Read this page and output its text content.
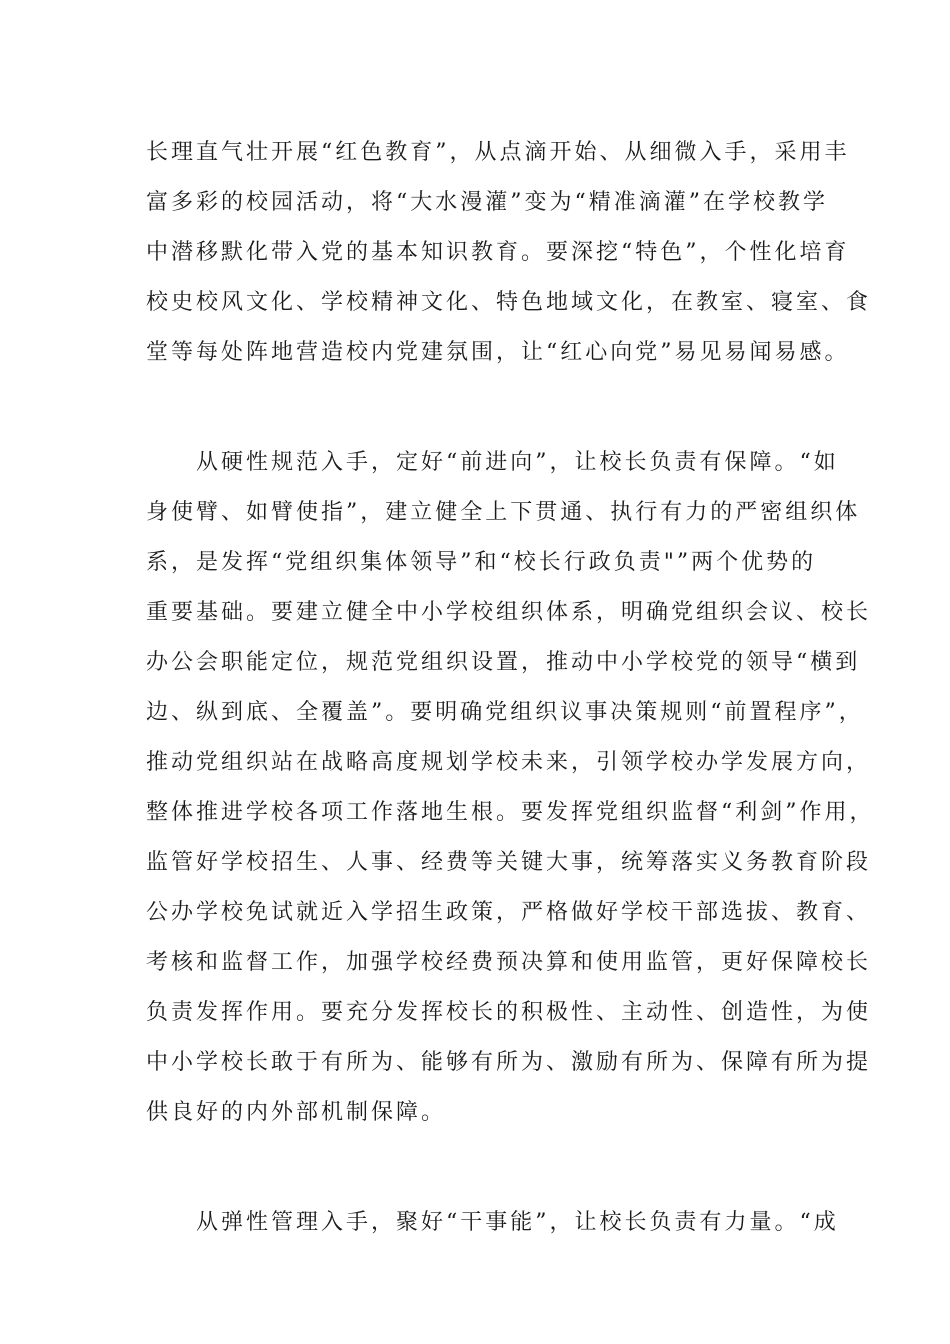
长理直气壮开展“红色教育”，从点滴开始、从细微入手，采用丰
富多彩的校园活动，将“大水漫灌”变为“精准滴灌”在学校教学
中潜移默化带入党的基本知识教育。要深挖“特色”，个性化培育
校史校风文化、学校精神文化、特色地域文化，在教室、寝室、食
堂等每处阵地营造校内党建氛围，让“红心向党”易见易闻易感。
　　从硬性规范入手，定好“前进向”，让校长负责有保障。“如
身使臂、如臂使指”，建立健全上下贯通、执行有力的严密组织体
系，是发挥“党组织集体领导”和“校长行政负责"”两个优势的
重要基础。要建立健全中小学校组织体系，明确党组织会议、校长
办公会职能定位，规范党组织设置，推动中小学校党的领导“横到
边、纵到底、全覆盖”。要明确党组织议事决策规则“前置程序”，
推动党组织站在战略高度规划学校未来，引领学校办学发展方向，
整体推进学校各项工作落地生根。要发挥党组织监督“利剑”作用，
监管好学校招生、人事、经费等关键大事，统筹落实义务教育阶段
公办学校免试就近入学招生政策，严格做好学校干部选拔、教育、
考核和监督工作，加强学校经费预决算和使用监管，更好保障校长
负责发挥作用。要充分发挥校长的积极性、主动性、创造性，为使
中小学校长敢于有所为、能够有所为、激励有所为、保障有所为提
供良好的内外部机制保障。
　　从弹性管理入手，聚好“干事能”，让校长负责有力量。“成
